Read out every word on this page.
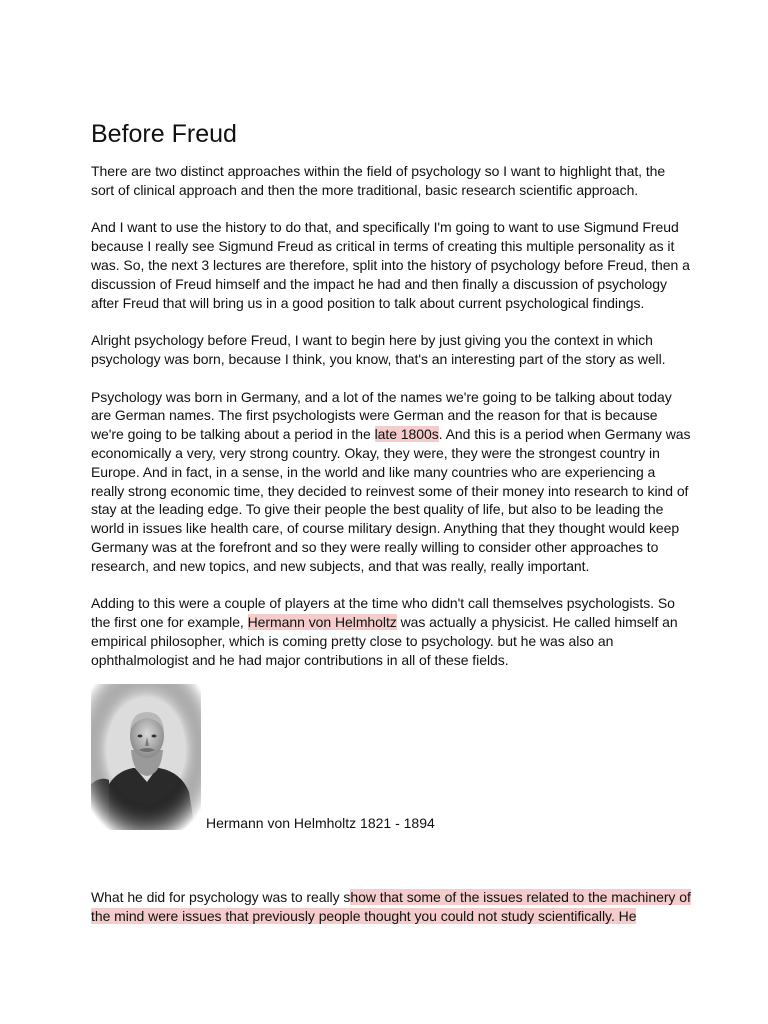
Before Freud

There are two distinct approaches within the field of psychology so I want to highlight that, the sort of clinical approach and then the more traditional, basic research scientific approach.

And I want to use the history to do that, and specifically I'm going to want to use Sigmund Freud because I really see Sigmund Freud as critical in terms of creating this multiple personality as it was. So, the next 3 lectures are therefore, split into the history of psychology before Freud, then a discussion of Freud himself and the impact he had and then finally a discussion of psychology after Freud that will bring us in a good position to talk about current psychological findings.

Alright psychology before Freud, I want to begin here by just giving you the context in which psychology was born, because I think, you know, that's an interesting part of the story as well.

Psychology was born in Germany, and a lot of the names we're going to be talking about today are German names. The first psychologists were German and the reason for that is because we're going to be talking about a period in the late 1800s. And this is a period when Germany was economically a very, very strong country. Okay, they were, they were the strongest country in Europe. And in fact, in a sense, in the world and like many countries who are experiencing a really strong economic time, they decided to reinvest some of their money into research to kind of stay at the leading edge. To give their people the best quality of life, but also to be leading the world in issues like health care, of course military design. Anything that they thought would keep Germany was at the forefront and so they were really willing to consider other approaches to research, and new topics, and new subjects, and that was really, really important.

Adding to this were a couple of players at the time who didn't call themselves psychologists. So the first one for example, Hermann von Helmholtz was actually a physicist. He called himself an empirical philosopher, which is coming pretty close to psychology. but he was also an ophthalmologist and he had major contributions in all of these fields.

Hermann von Helmholtz 1821 - 1894

What he did for psychology was to really show that some of the issues related to the machinery of the mind were issues that previously people thought you could not study scientifically. He
